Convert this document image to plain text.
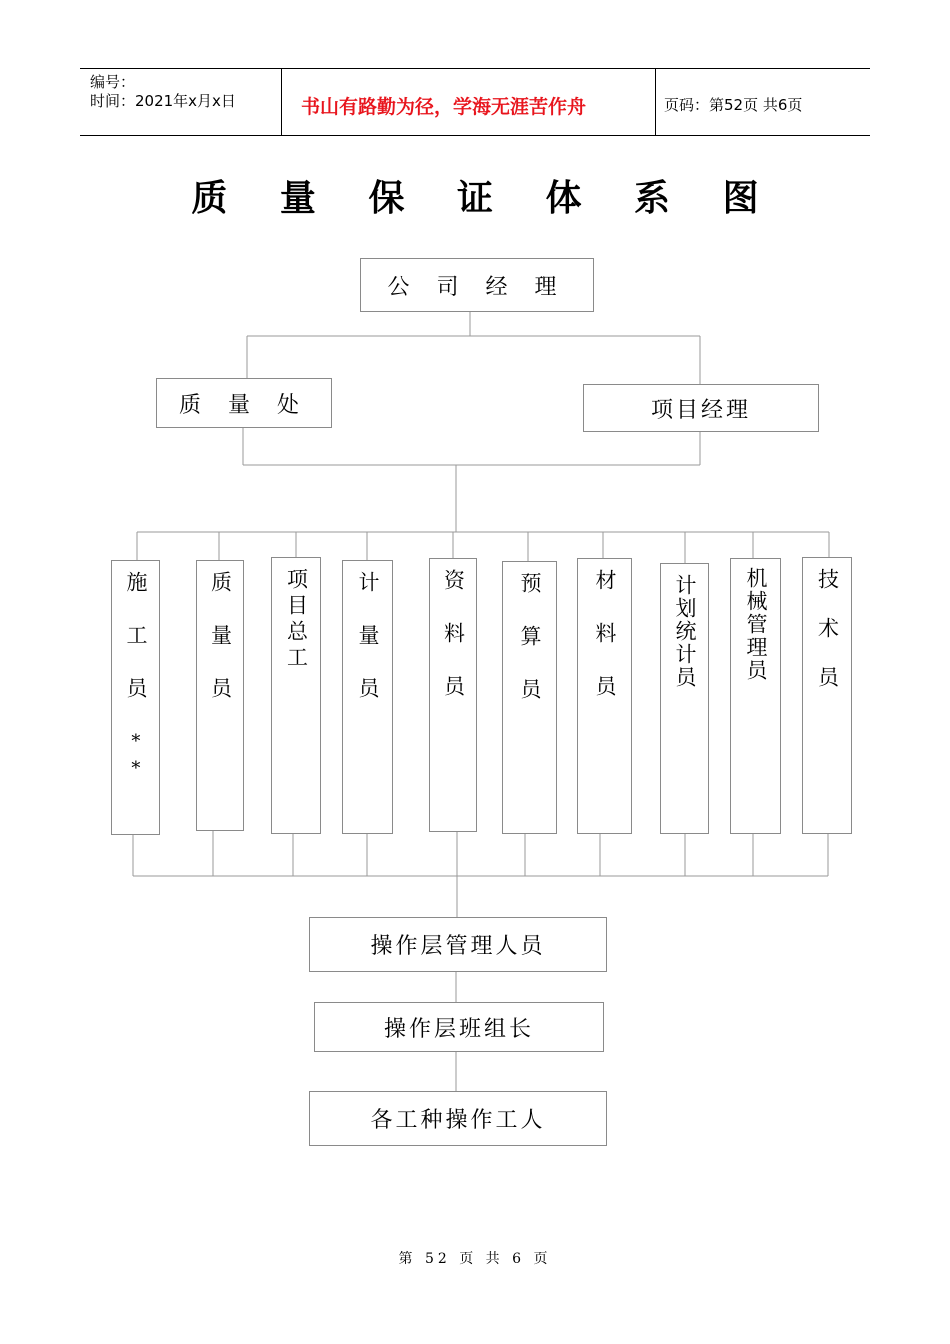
编号：
时间：2021年x月x日	书山有路勤为径，学海无涯苦作舟	页码：第52页 共6页
质 量 保 证 体 系 图
公 司 经 理
质 量 处	项目经理
施工员
**
质量员	项目总工	计量员	资料员	预算员	材料员	计划统计员	机械管理员	技术员
操作层管理人员
操作层班组长
各工种操作工人
第 52 页 共 6 页
